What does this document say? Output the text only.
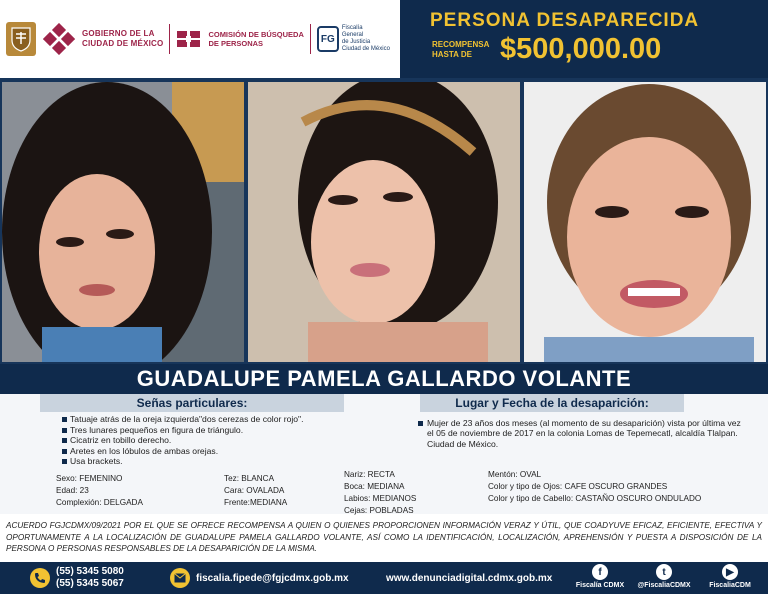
GOBIERNO DE LA
CIUDAD DE MÉXICO
COMISIÓN DE BÚSQUEDA
DE PERSONAS	FG
Fiscalía
General
de Justicia
Ciudad de México
PERSONA DESAPARECIDA
RECOMPENSA
HASTA DE $500,000.00
GUADALUPE PAMELA GALLARDO VOLANTE
Señas particulares:	Lugar y Fecha de la desaparición:
Tatuaje atrás de la oreja izquierda"dos cerezas de color rojo".
Tres lunares pequeños en figura de triángulo.
Cicatriz en tobillo derecho.
Aretes en los lóbulos de ambas orejas.
Usa brackets.

Mujer de 23 años dos meses (al momento de su desaparición) vista por última vez el 05 de noviembre de 2017 en la colonia Lomas de Tepemecatl, alcaldía Tlalpan. Ciudad de México.

Sexo: FEMENINO
Edad: 23
Complexión: DELGADA
Tez: BLANCA
Cara: OVALADA
Frente:MEDIANA
Nariz: RECTA
Boca: MEDIANA
Labios: MEDIANOS
Cejas: POBLADAS
Mentón: OVAL
Color y tipo de Ojos: CAFE OSCURO GRANDES
Color y tipo de Cabello: CASTAÑO OSCURO ONDULADO
ACUERDO FGJCDMX/09/2021 POR EL QUE SE OFRECE RECOMPENSA A QUIEN O QUIENES PROPORCIONEN INFORMACIÓN VERAZ Y ÚTIL, QUE COADYUVE EFICAZ, EFICIENTE, EFECTIVA Y OPORTUNAMENTE A LA LOCALIZACIÓN DE GUADALUPE PAMELA GALLARDO VOLANTE, ASÍ COMO LA IDENTIFICACIÓN, LOCALIZACIÓN, APREHENSIÓN Y PUESTA A DISPOSICIÓN DE LA PERSONA O PERSONAS RESPONSABLES DE LA DESAPARICIÓN DE LA MISMA.
(55) 5345 5080
(55) 5345 5067	fiscalia.fipede@fgjcdmx.gob.mx	www.denunciadigital.cdmx.gob.mx
f
Fiscalía CDMX
t
@FiscaliaCDMX
▶
FiscaliaCDM
